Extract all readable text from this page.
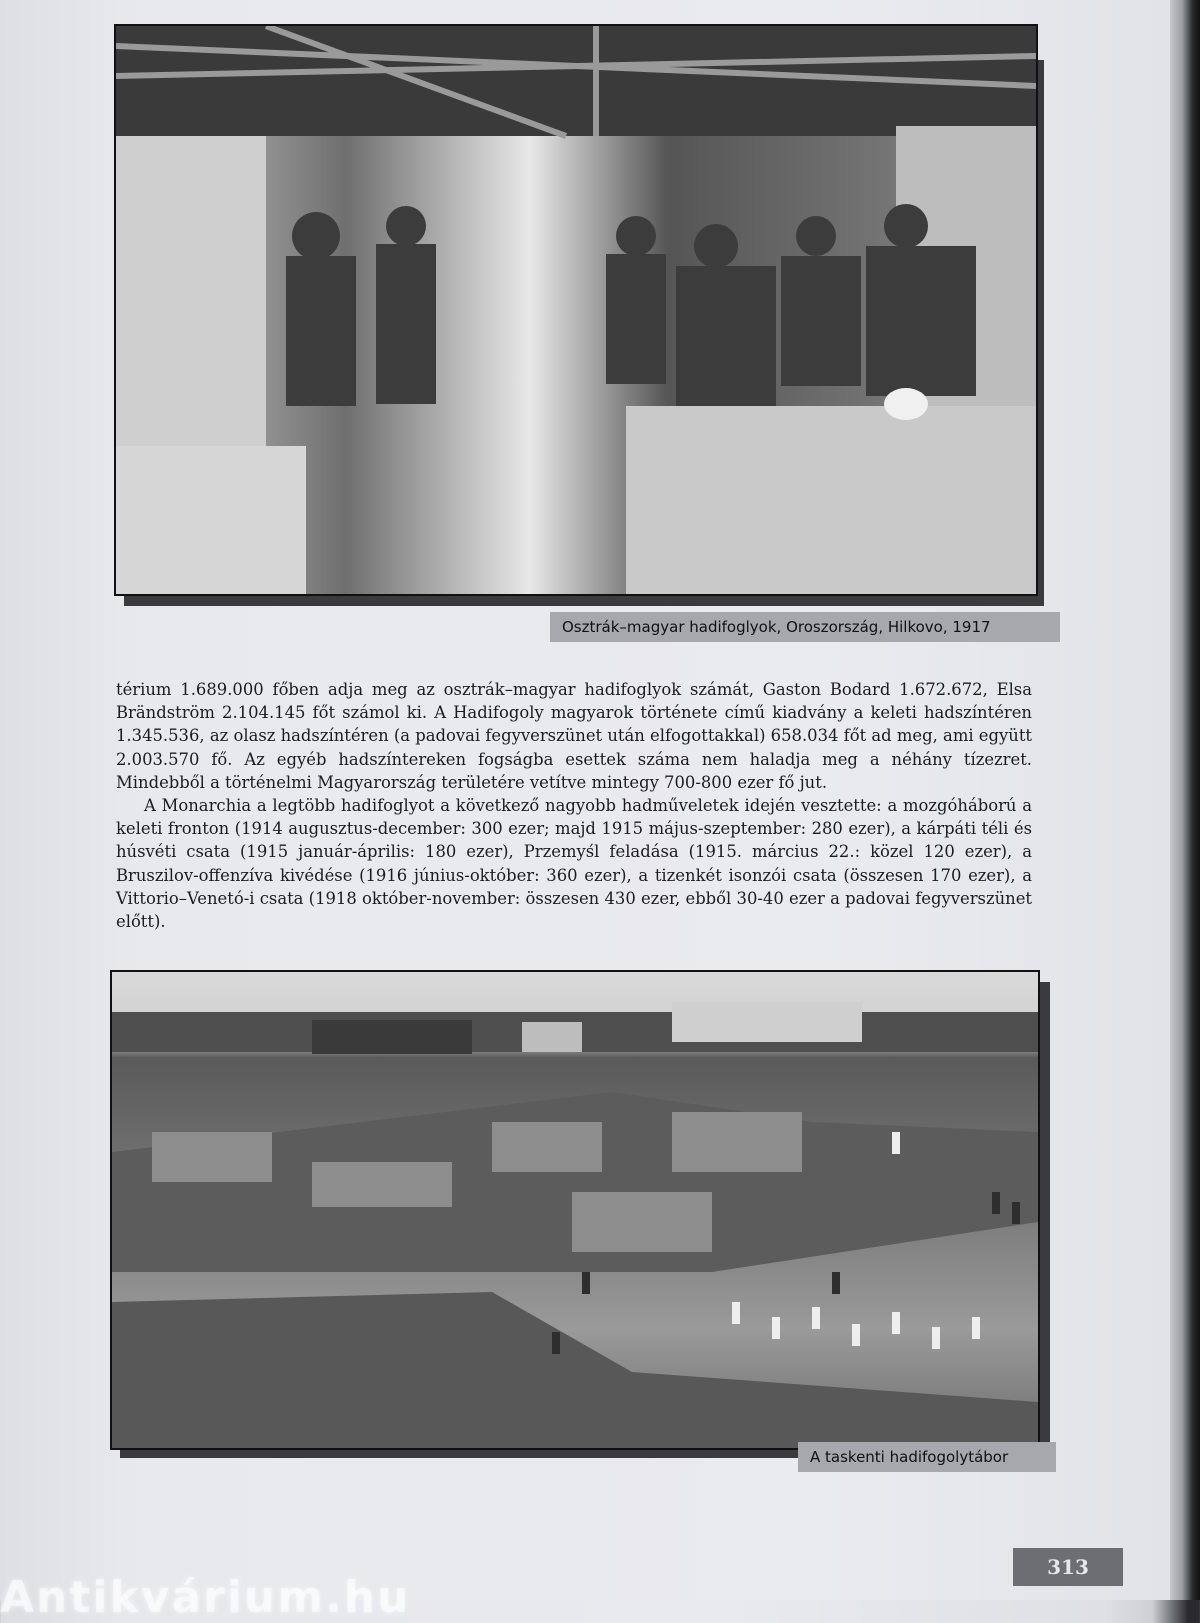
Osztrák–magyar hadifoglyok, Oroszország, Hilkovo, 1917

térium 1.689.000 főben adja meg az osztrák–magyar hadifoglyok számát, Gaston Bodard 1.672.672, Elsa Brändström 2.104.145 főt számol ki. A Hadifogoly magyarok története című kiadvány a keleti hadszíntéren 1.345.536, az olasz hadszíntéren (a padovai fegyverszünet után elfogottakkal) 658.034 főt ad meg, ami együtt 2.003.570 fő. Az egyéb hadszíntereken fogságba esettek száma nem haladja meg a néhány tízezret. Mindebből a történelmi Magyarország területére vetítve mintegy 700-800 ezer fő jut.

A Monarchia a legtöbb hadifoglyot a következő nagyobb hadműveletek idején vesztette: a mozgóháború a keleti fronton (1914 augusztus-december: 300 ezer; majd 1915 május-szeptember: 280 ezer), a kárpáti téli és húsvéti csata (1915 január-április: 180 ezer), Przemyśl feladása (1915. március 22.: közel 120 ezer), a Bruszilov-offenzíva kivédése (1916 június-október: 360 ezer), a tizenkét isonzói csata (összesen 170 ezer), a Vittorio–Venetó-i csata (1918 október-november: összesen 430 ezer, ebből 30-40 ezer a padovai fegyverszünet előtt).

A taskenti hadifogolytábor
313
Antikvárium.hu
